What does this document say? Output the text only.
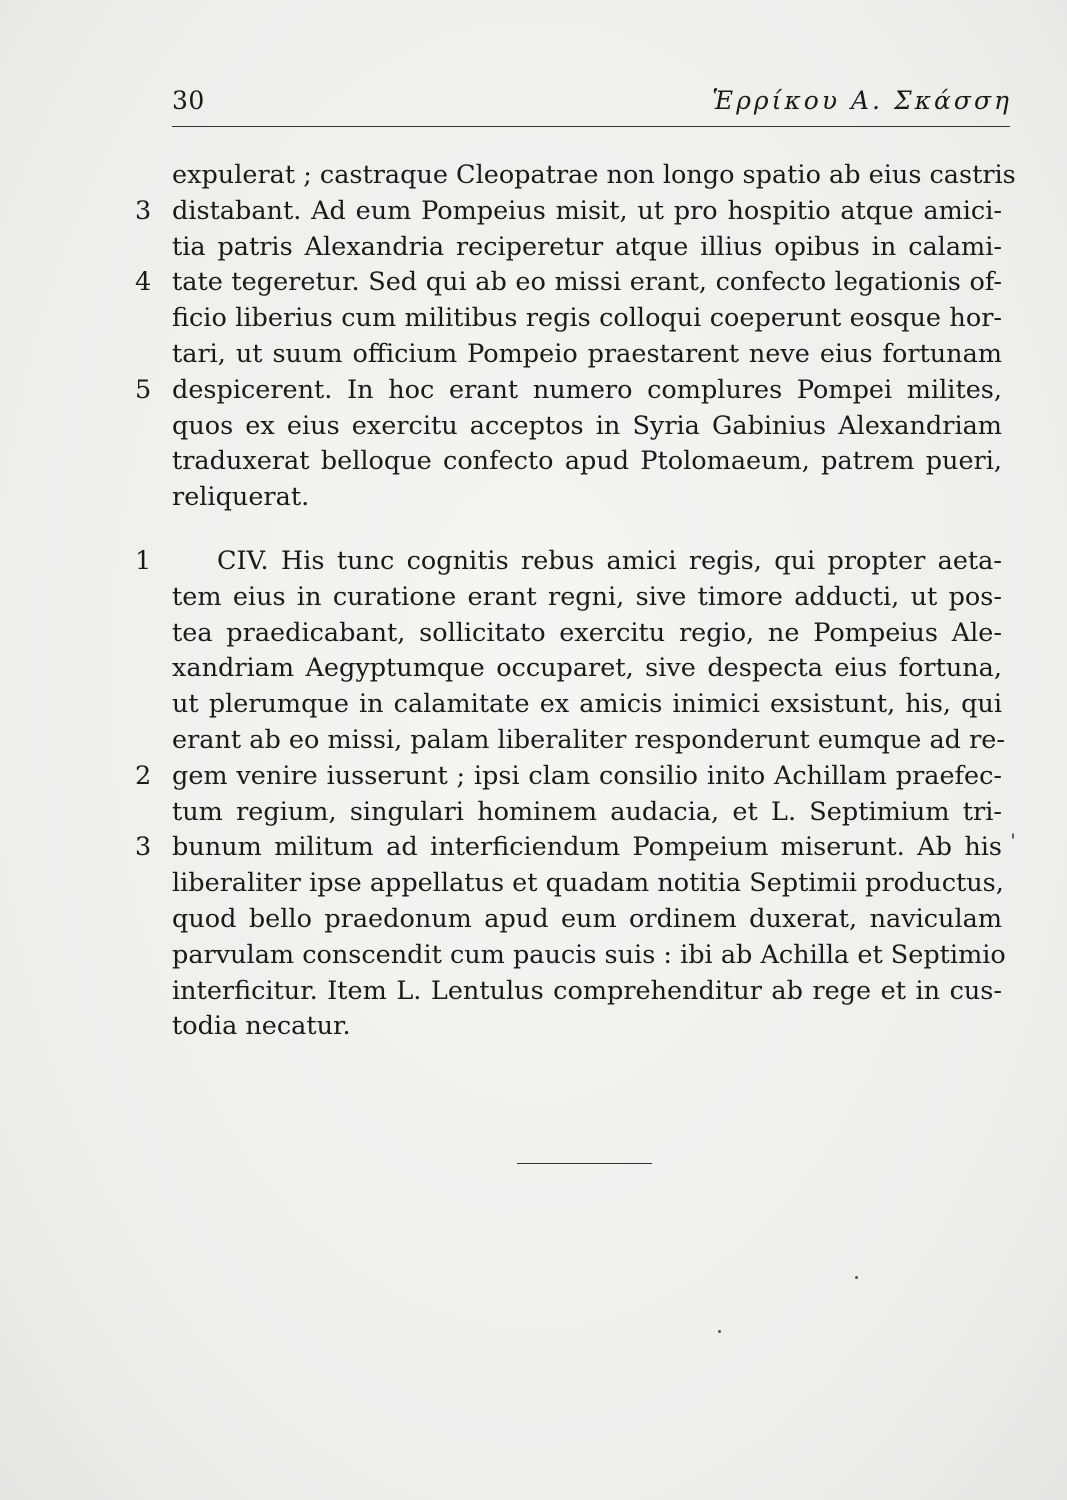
30	Ἑρρίκου Α. Σκάσση
expulerat ; castraque Cleopatrae non longo spatio ab eius castris
3 distabant. Ad eum Pompeius misit, ut pro hospitio atque amici-
tia patris Alexandria reciperetur atque illius opibus in calami-
4 tate tegeretur. Sed qui ab eo missi erant, confecto legationis of-
ficio liberius cum militibus regis colloqui coeperunt eosque hor-
tari, ut suum officium Pompeio praestarent neve eius fortunam
5 despicerent. In hoc erant numero complures Pompei milites,
quos ex eius exercitu acceptos in Syria Gabinius Alexandriam
traduxerat belloque confecto apud Ptolomaeum, patrem pueri,
reliquerat.
1	CIV. His tunc cognitis rebus amici regis, qui propter aeta-
tem eius in curatione erant regni, sive timore adducti, ut pos-
tea praedicabant, sollicitato exercitu regio, ne Pompeius Ale-
xandriam Aegyptumque occuparet, sive despecta eius fortuna,
ut plerumque in calamitate ex amicis inimici exsistunt, his, qui
erant ab eo missi, palam liberaliter responderunt eumque ad re-
2 gem venire iusserunt ; ipsi clam consilio inito Achillam praefec-
tum regium, singulari hominem audacia, et L. Septimium tri-
3 bunum militum ad interficiendum Pompeium miserunt. Ab his
liberaliter ipse appellatus et quadam notitia Septimii productus,
quod bello praedonum apud eum ordinem duxerat, naviculam
parvulam conscendit cum paucis suis : ibi ab Achilla et Septimio
interficitur. Item L. Lentulus comprehenditur ab rege et in cus-
todia necatur.
